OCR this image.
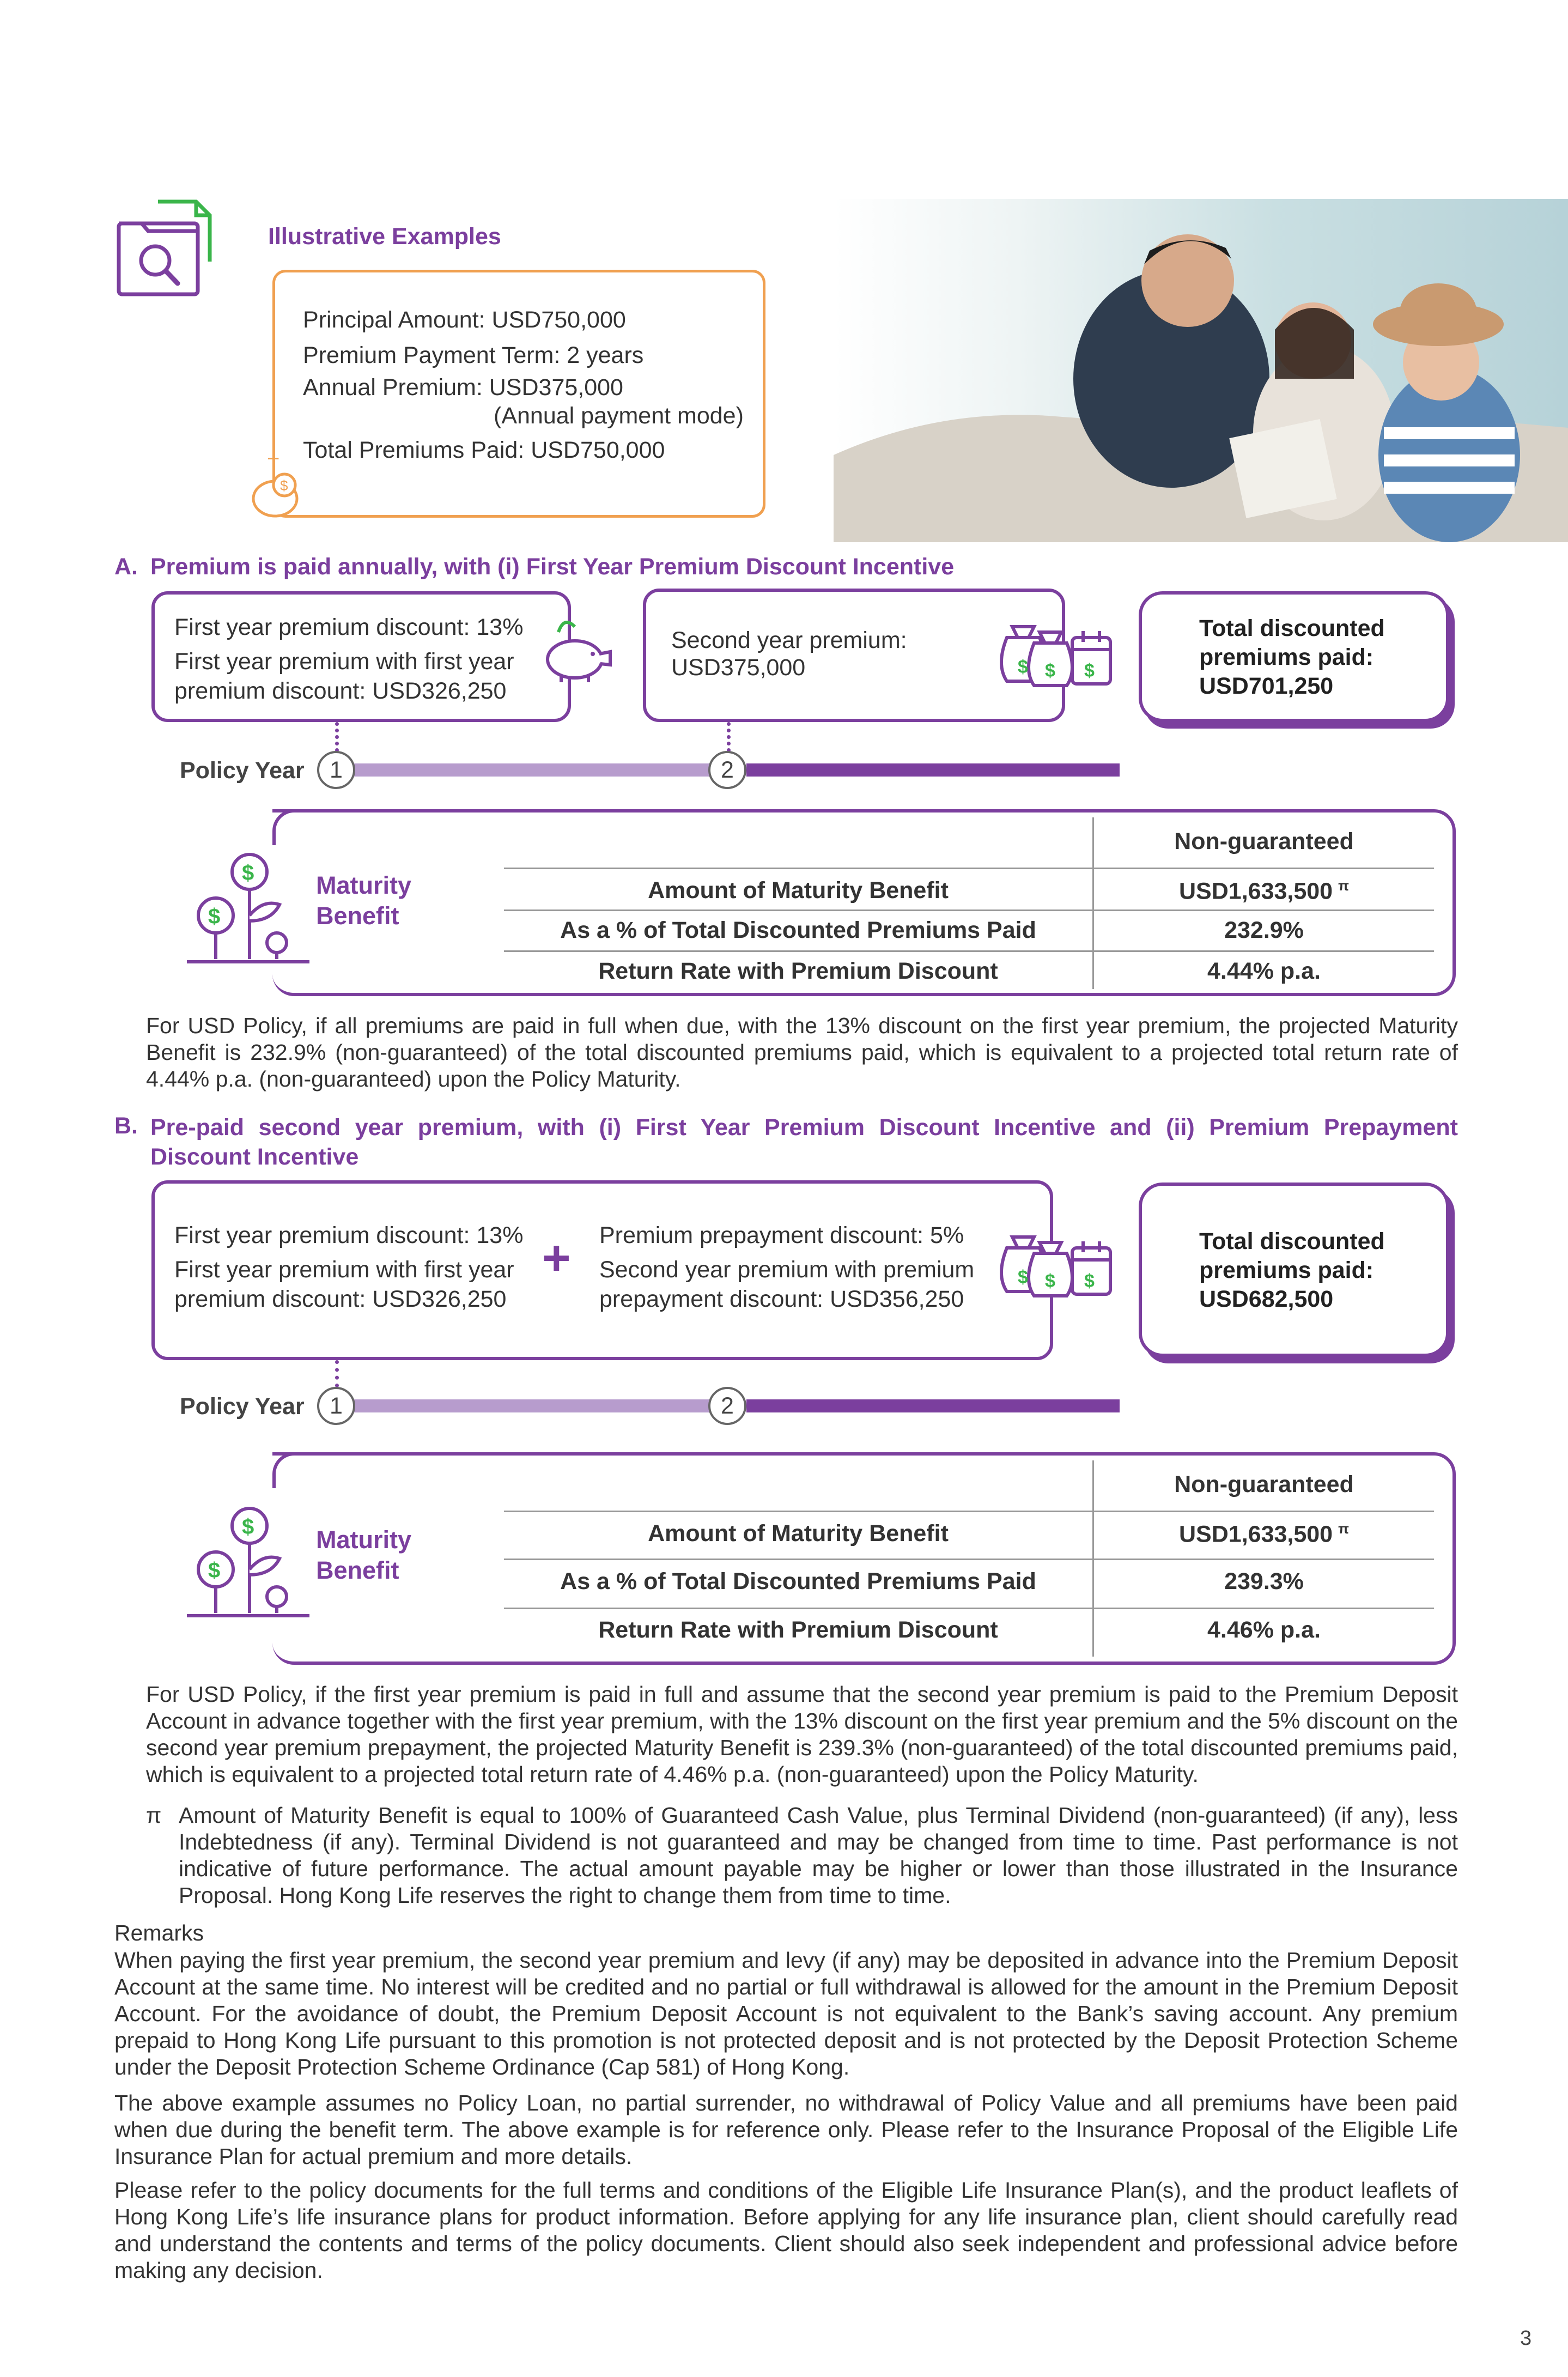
Illustrative Examples
Principal Amount: USD750,000
Premium Payment Term: 2 years
Annual Premium: USD375,000
(Annual payment mode)
Total Premiums Paid: USD750,000
+
$
A. Premium is paid annually, with (i) First Year Premium Discount Incentive
First year premium discount: 13%
First year premium with first year
premium discount: USD326,250
Second year premium:
USD375,000	$ $ $
Total discounted
premiums paid:
USD701,250
Policy Year	1	2
$
$
Maturity
Benefit
Non-guaranteed
Amount of Maturity Benefit	USD1,633,500 $^\pi$
As a % of Total Discounted Premiums Paid	232.9%
Return Rate with Premium Discount	4.44% p.a.
For USD Policy, if all premiums are paid in full when due, with the 13% discount on the first year premium, the projected Maturity Benefit is 232.9% (non-guaranteed) of the total discounted premiums paid, which is equivalent to a projected total return rate of 4.44% p.a. (non-guaranteed) upon the Policy Maturity.
B. Pre-paid second year premium, with (i) First Year Premium Discount Incentive and (ii) Premium Prepayment
Discount Incentive
First year premium discount: 13%
First year premium with first year
premium discount: USD326,250
+ Premium prepayment discount: 5%
Second year premium with premium
prepayment discount: USD356,250
$ $ $
Total discounted
premiums paid:
USD682,500
Policy Year	1	2
$
$
Maturity
Benefit
Non-guaranteed
Amount of Maturity Benefit	USD1,633,500 $^\pi$
As a % of Total Discounted Premiums Paid	239.3%
Return Rate with Premium Discount	4.46% p.a.
For USD Policy, if the first year premium is paid in full and assume that the second year premium is paid to the Premium Deposit Account in advance together with the first year premium, with the 13% discount on the first year premium and the 5% discount on the second year premium prepayment, the projected Maturity Benefit is 239.3% (non-guaranteed) of the total discounted premiums paid, which is equivalent to a projected total return rate of 4.46% p.a. (non-guaranteed) upon the Policy Maturity.
π Amount of Maturity Benefit is equal to 100% of Guaranteed Cash Value, plus Terminal Dividend (non-guaranteed) (if any), less Indebtedness (if any). Terminal Dividend is not guaranteed and may be changed from time to time. Past performance is not indicative of future performance. The actual amount payable may be higher or lower than those illustrated in the Insurance Proposal. Hong Kong Life reserves the right to change them from time to time.
Remarks
When paying the first year premium, the second year premium and levy (if any) may be deposited in advance into the Premium Deposit Account at the same time. No interest will be credited and no partial or full withdrawal is allowed for the amount in the Premium Deposit Account. For the avoidance of doubt, the Premium Deposit Account is not equivalent to the Bank’s saving account. Any premium prepaid to Hong Kong Life pursuant to this promotion is not protected deposit and is not protected by the Deposit Protection Scheme under the Deposit Protection Scheme Ordinance (Cap 581) of Hong Kong.
The above example assumes no Policy Loan, no partial surrender, no withdrawal of Policy Value and all premiums have been paid when due during the benefit term. The above example is for reference only. Please refer to the Insurance Proposal of the Eligible Life Insurance Plan for actual premium and more details.
Please refer to the policy documents for the full terms and conditions of the Eligible Life Insurance Plan(s), and the product leaflets of Hong Kong Life’s life insurance plans for product information. Before applying for any life insurance plan, client should carefully read and understand the contents and terms of the policy documents. Client should also seek independent and professional advice before making any decision.
3
